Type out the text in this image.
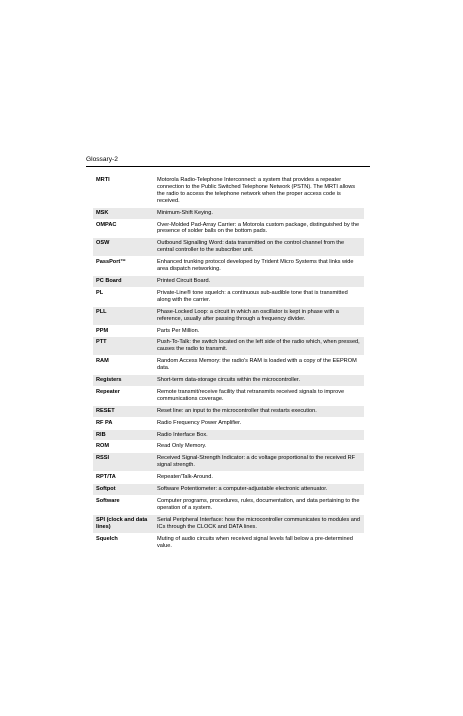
Glossary-2
MRTI	Motorola Radio-Telephone Interconnect: a system that provides a repeater connection to the Public Switched Telephone Network (PSTN). The MRTI allows the radio to access the telephone network when the proper access code is received.
MSK	Minimum-Shift Keying.
OMPAC	Over-Molded Pad-Array Carrier: a Motorola custom package, distinguished by the presence of solder balls on the bottom pads.
OSW	Outbound Signalling Word: data transmitted on the control channel from the central controller to the subscriber unit.
PassPort™	Enhanced trunking protocol developed by Trident Micro Systems that links wide area dispatch networking.
PC Board	Printed Circuit Board.
PL	Private-Line® tone squelch: a continuous sub-audible tone that is transmitted along with the carrier.
PLL	Phase-Locked Loop: a circuit in which an oscillator is kept in phase with a reference, usually after passing through a frequency divider.
PPM	Parts Per Million.
PTT	Push-To-Talk: the switch located on the left side of the radio which, when pressed, causes the radio to transmit.
RAM	Random Access Memory: the radio's RAM is loaded with a copy of the EEPROM data.
Registers	Short-term data-storage circuits within the microcontroller.
Repeater	Remote transmit/receive facility that retransmits received signals to improve communications coverage.
RESET	Reset line: an input to the microcontroller that restarts execution.
RF PA	Radio Frequency Power Amplifier.
RIB	Radio Interface Box.
ROM	Read Only Memory.
RSSI	Received Signal-Strength Indicator: a dc voltage proportional to the received RF signal strength.
RPT/TA	Repeater/Talk-Around.
Softpot	Software Potentiometer: a computer-adjustable electronic attenuator.
Software	Computer programs, procedures, rules, documentation, and data pertaining to the operation of a system.
SPI (clock and data lines)	Serial Peripheral Interface: how the microcontroller communicates to modules and ICs through the CLOCK and DATA lines.
Squelch	Muting of audio circuits when received signal levels fall below a pre-determined value.
